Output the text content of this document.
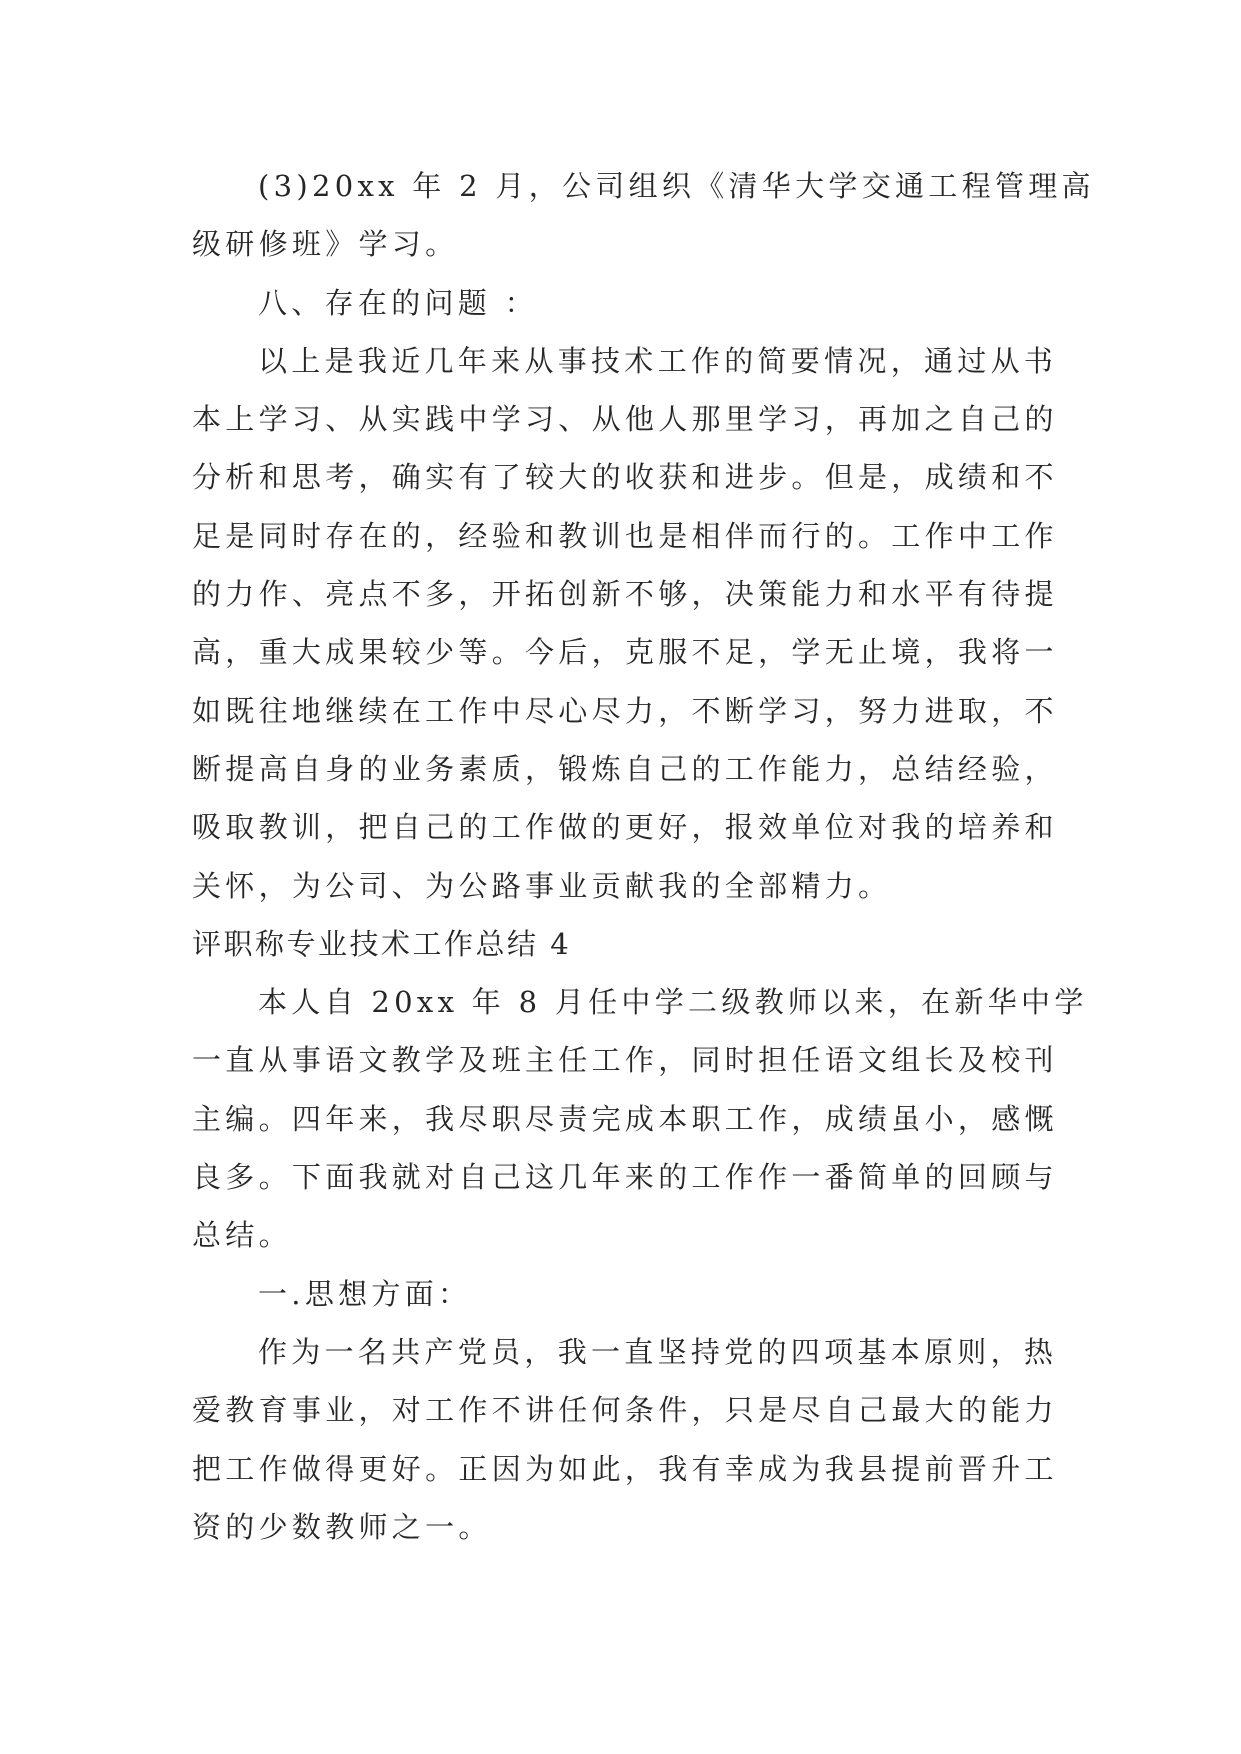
(3)20xx 年 2 月，公司组织《清华大学交通工程管理高
级研修班》学习。
八、存在的问题 ：
以上是我近几年来从事技术工作的简要情况，通过从书
本上学习、从实践中学习、从他人那里学习，再加之自己的
分析和思考，确实有了较大的收获和进步。但是，成绩和不
足是同时存在的，经验和教训也是相伴而行的。工作中工作
的力作、亮点不多，开拓创新不够，决策能力和水平有待提
高，重大成果较少等。今后，克服不足，学无止境，我将一
如既往地继续在工作中尽心尽力，不断学习，努力进取，不
断提高自身的业务素质，锻炼自己的工作能力，总结经验，
吸取教训，把自己的工作做的更好，报效单位对我的培养和
关怀，为公司、为公路事业贡献我的全部精力。
评职称专业技术工作总结 4
本人自 20xx 年 8 月任中学二级教师以来，在新华中学
一直从事语文教学及班主任工作，同时担任语文组长及校刊
主编。四年来，我尽职尽责完成本职工作，成绩虽小，感慨
良多。下面我就对自己这几年来的工作作一番简单的回顾与
总结。
一.思想方面：
作为一名共产党员，我一直坚持党的四项基本原则，热
爱教育事业，对工作不讲任何条件，只是尽自己最大的能力
把工作做得更好。正因为如此，我有幸成为我县提前晋升工
资的少数教师之一。
